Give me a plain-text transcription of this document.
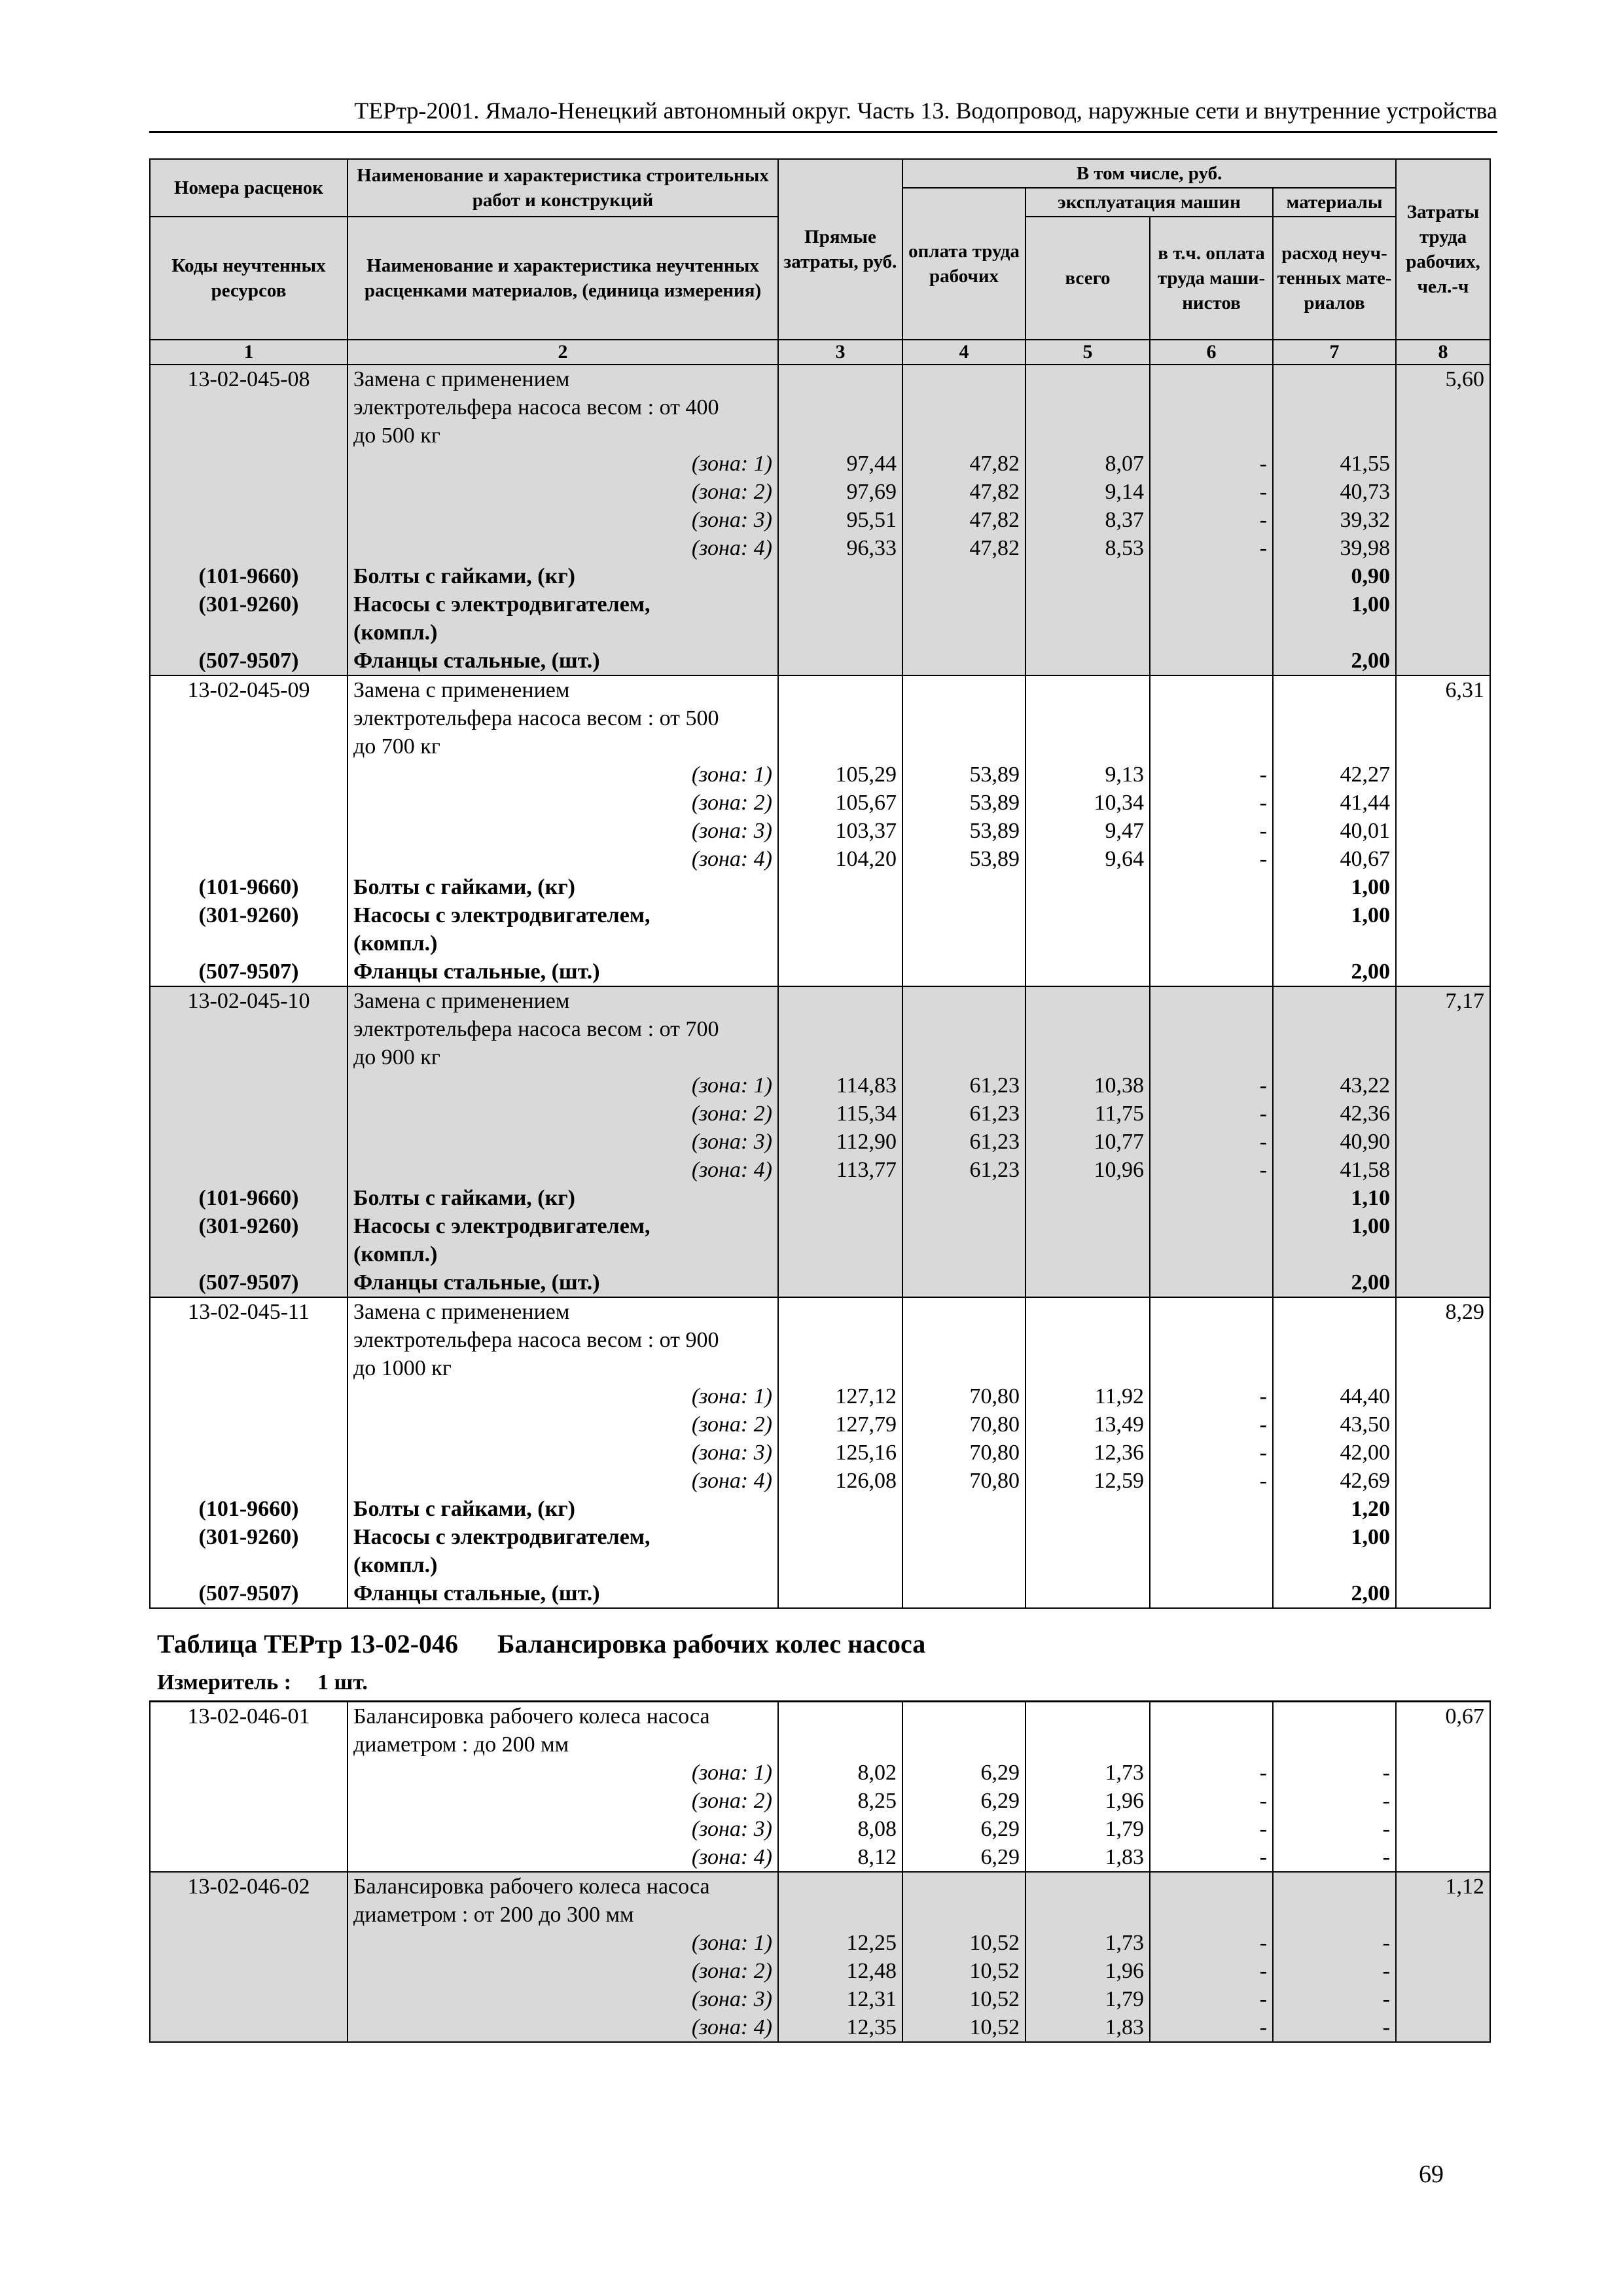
ТЕРтр-2001. Ямало-Ненецкий автономный округ. Часть 13. Водопровод, наружные сети и внутренние устройства
Номера расценок	Наименование и характеристика строительных работ и конструкций	Прямые затраты, руб.	В том числе, руб.				Затраты труда рабочих, чел.-ч
			оплата труда рабочих	эксплуатация машин		материалы	
Коды неучтенных ресурсов	Наименование и характеристика неучтенных расценками материалов, (единица измерения)			всего	в т.ч. оплата труда маши-нистов	расход неуч-тенных мате-риалов	

1	2	3	4	5	6	7	8
13-02-045-08	Замена с применением						5,60
	электротельфера насоса весом : от 400						
	до 500 кг						
	(зона: 1)	97,44	47,82	8,07	-	41,55	
	(зона: 2)	97,69	47,82	9,14	-	40,73	
	(зона: 3)	95,51	47,82	8,37	-	39,32	
	(зона: 4)	96,33	47,82	8,53	-	39,98	
(101-9660)	Болты с гайками, (кг)					0,90	
(301-9260)	Насосы с электродвигателем,					1,00	
	(компл.)						
(507-9507)	Фланцы стальные, (шт.)					2,00	
13-02-045-09	Замена с применением						6,31
	электротельфера насоса весом : от 500						
	до 700 кг						
	(зона: 1)	105,29	53,89	9,13	-	42,27	
	(зона: 2)	105,67	53,89	10,34	-	41,44	
	(зона: 3)	103,37	53,89	9,47	-	40,01	
	(зона: 4)	104,20	53,89	9,64	-	40,67	
(101-9660)	Болты с гайками, (кг)					1,00	
(301-9260)	Насосы с электродвигателем,					1,00	
	(компл.)						
(507-9507)	Фланцы стальные, (шт.)					2,00	
13-02-045-10	Замена с применением						7,17
	электротельфера насоса весом : от 700						
	до 900 кг						
	(зона: 1)	114,83	61,23	10,38	-	43,22	
	(зона: 2)	115,34	61,23	11,75	-	42,36	
	(зона: 3)	112,90	61,23	10,77	-	40,90	
	(зона: 4)	113,77	61,23	10,96	-	41,58	
(101-9660)	Болты с гайками, (кг)					1,10	
(301-9260)	Насосы с электродвигателем,					1,00	
	(компл.)						
(507-9507)	Фланцы стальные, (шт.)					2,00	
13-02-045-11	Замена с применением						8,29
	электротельфера насоса весом : от 900						
	до 1000 кг						
	(зона: 1)	127,12	70,80	11,92	-	44,40	
	(зона: 2)	127,79	70,80	13,49	-	43,50	
	(зона: 3)	125,16	70,80	12,36	-	42,00	
	(зона: 4)	126,08	70,80	12,59	-	42,69	
(101-9660)	Болты с гайками, (кг)					1,20	
(301-9260)	Насосы с электродвигателем,					1,00	
	(компл.)						
(507-9507)	Фланцы стальные, (шт.)					2,00	
Таблица ТЕРтр 13-02-046 Балансировка рабочих колес насоса
Измеритель : 1 шт.
13-02-046-01	Балансировка рабочего колеса насоса						0,67
	диаметром : до 200 мм						
	(зона: 1)	8,02	6,29	1,73	-	-	
	(зона: 2)	8,25	6,29	1,96	-	-	
	(зона: 3)	8,08	6,29	1,79	-	-	
	(зона: 4)	8,12	6,29	1,83	-	-	
13-02-046-02	Балансировка рабочего колеса насоса						1,12
	диаметром : от 200 до 300 мм						
	(зона: 1)	12,25	10,52	1,73	-	-	
	(зона: 2)	12,48	10,52	1,96	-	-	
	(зона: 3)	12,31	10,52	1,79	-	-	
	(зона: 4)	12,35	10,52	1,83	-	-	
69
